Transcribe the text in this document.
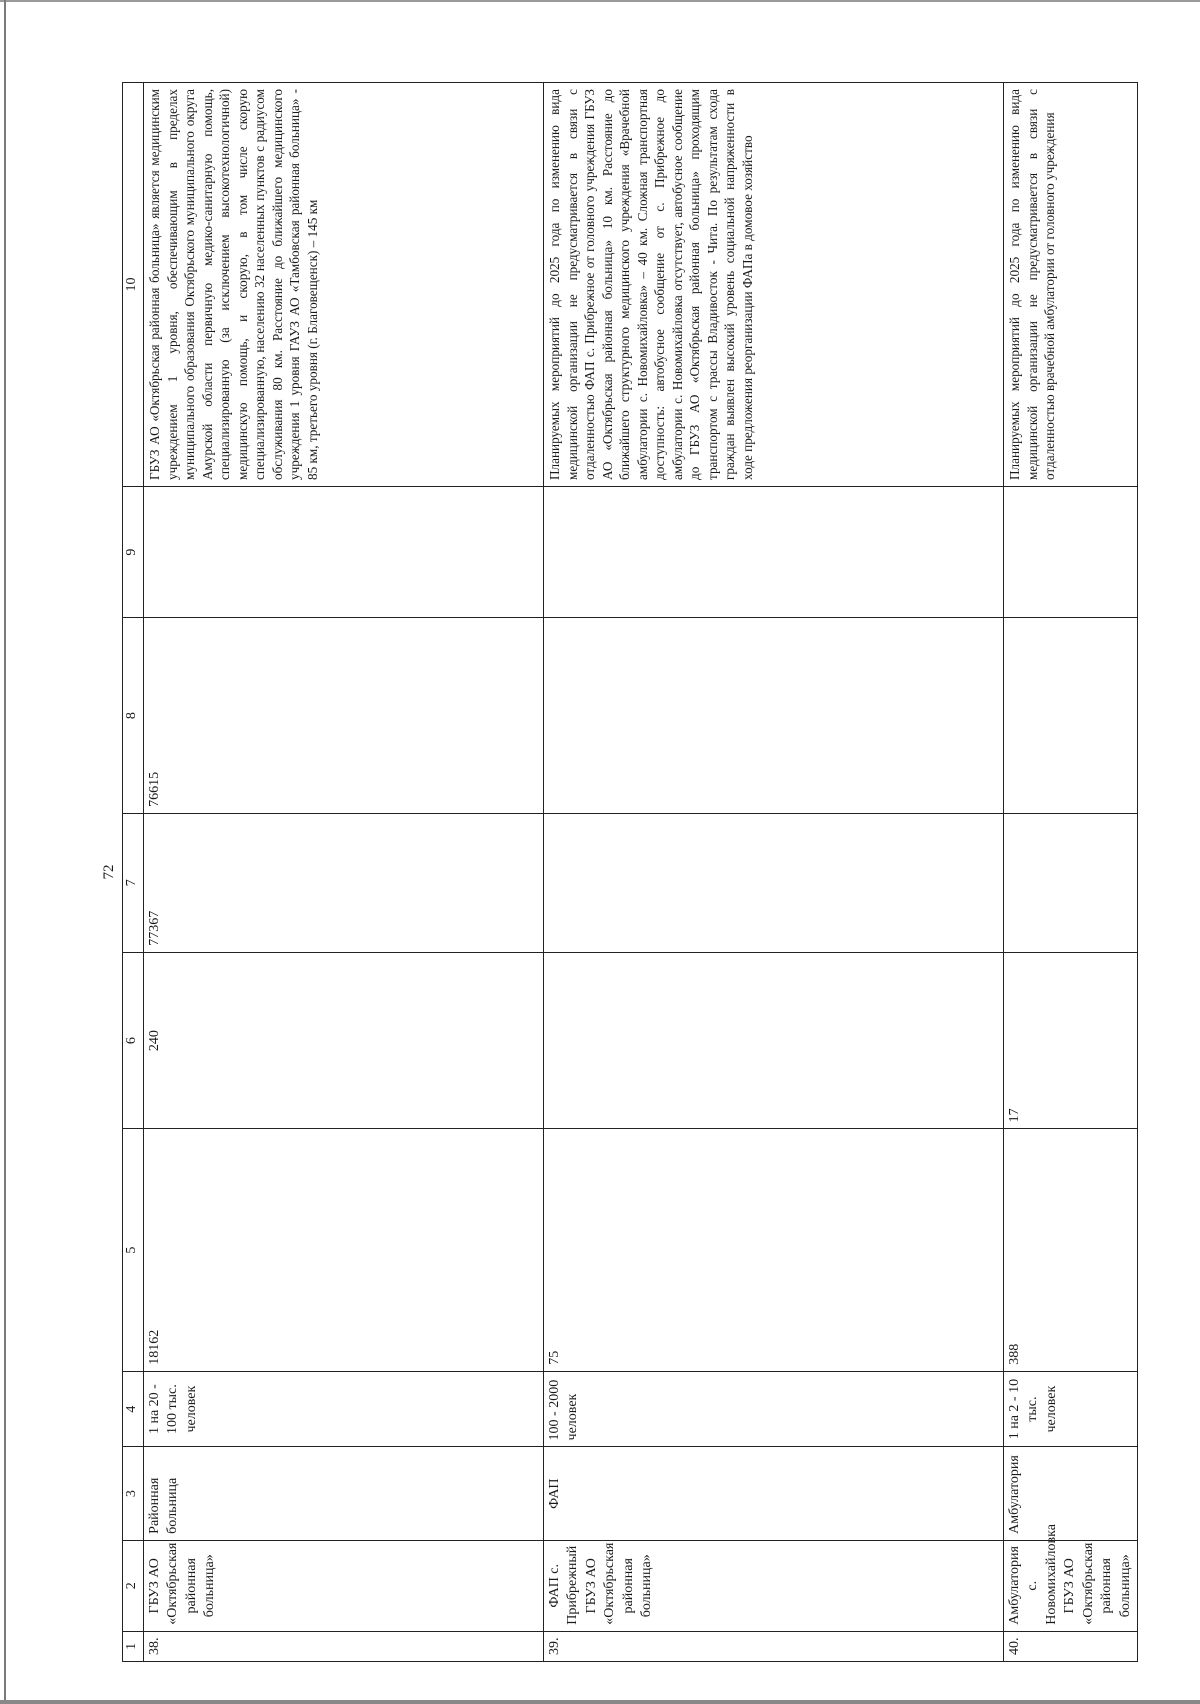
72
1	2	3	4	5	6	7	8	9	10
38.	ГБУЗ АО «Октябрьская районная больница»	Районная больница	1 на 20 - 100 тыс. человек	18162	240	77367	76615		ГБУЗ АО «Октябрьская районная больница» является медицинским учреждением 1 уровня, обеспечивающим в пределах муниципального образования Октябрьского муниципального округа Амурской области первичную медико-санитарную помощь, специализированную (за исключением высокотехнологичной) медицинскую помощь, и скорую, в том числе скорую специализированную, населению 32 населенных пунктов с радиусом обслуживания 80 км. Расстояние до ближайшего медицинского учреждения 1 уровня ГАУЗ АО «Тамбовская районная больница» - 85 км, третьего уровня (г. Благовещенск) – 145 км
39.	ФАП с. Прибрежный ГБУЗ АО «Октябрьская районная больница»	ФАП	100 - 2000 человек	75					Планируемых мероприятий до 2025 года по изменению вида медицинской организации не предусматривается в связи с отдаленностью ФАП с. Прибрежное от головного учреждения ГБУЗ АО «Октябрьская районная больница» 10 км. Расстояние до ближайшего структурного медицинского учреждения «Врачебной амбулатории с. Новомихайловка» – 40 км. Сложная транспортная доступность: автобусное сообщение от с. Прибрежное до амбулатории с. Новомихайловка отсутствует, автобусное сообщение до ГБУЗ АО «Октябрьская районная больница» проходящим транспортом с трассы Владивосток - Чита. По результатам схода граждан выявлен высокий уровень социальной напряженности в ходе предложения реорганизации ФАПа в домовое хозяйство
40.	Амбулатория с. Новомихайловка ГБУЗ АО «Октябрьская районная больница»	Амбулатория	1 на 2 - 10 тыс. человек	388	17				Планируемых мероприятий до 2025 года по изменению вида медицинской организации не предусматривается в связи с отдаленностью врачебной амбулатории от головного учреждения
